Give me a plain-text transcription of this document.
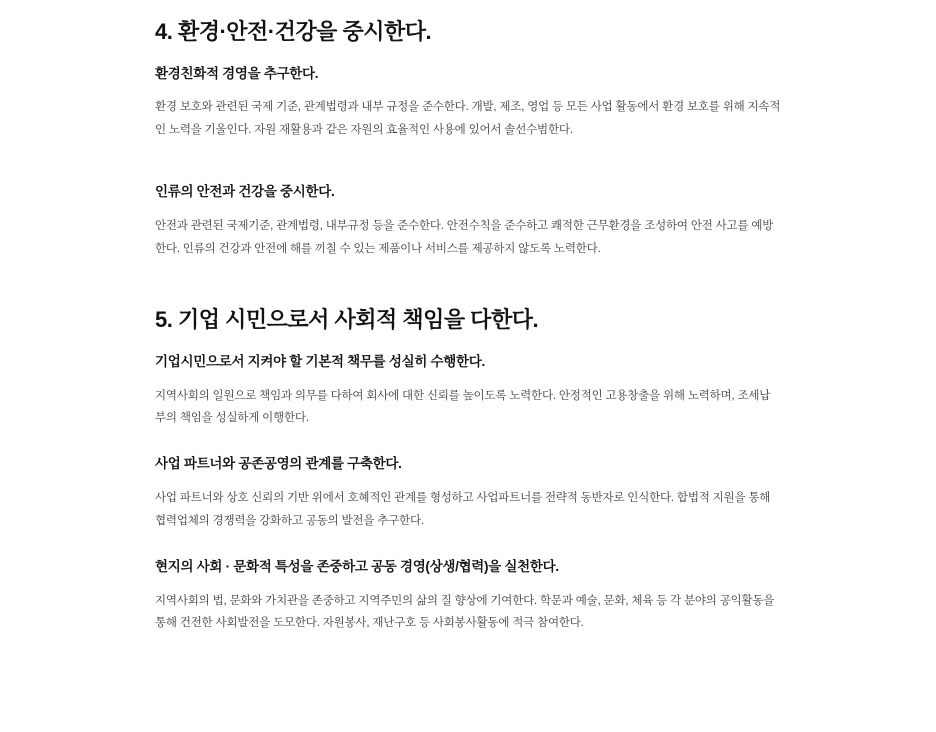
4. 환경·안전·건강을 중시한다.
환경친화적 경영을 추구한다.

환경 보호와 관련된 국제 기준, 관계법령과 내부 규정을 준수한다. 개발, 제조, 영업 등 모든 사업 활동에서 환경 보호를 위해 지속적인 노력을 기울인다. 자원 재활용과 같은 자원의 효율적인 사용에 있어서 솔선수범한다.

인류의 안전과 건강을 중시한다.

안전과 관련된 국제기준, 관계법령, 내부규정 등을 준수한다. 안전수칙을 준수하고 쾌적한 근무환경을 조성하여 안전 사고를 예방한다. 인류의 건강과 안전에 해를 끼칠 수 있는 제품이나 서비스를 제공하지 않도록 노력한다.

5. 기업 시민으로서 사회적 책임을 다한다.
기업시민으로서 지켜야 할 기본적 책무를 성실히 수행한다.

지역사회의 일원으로 책임과 의무를 다하여 회사에 대한 신뢰를 높이도록 노력한다. 안정적인 고용창출을 위해 노력하며, 조세납부의 책임을 성실하게 이행한다.

사업 파트너와 공존공영의 관계를 구축한다.

사업 파트너와 상호 신뢰의 기반 위에서 호혜적인 관계를 형성하고 사업파트너를 전략적 동반자로 인식한다. 합법적 지원을 통해 협력업체의 경쟁력을 강화하고 공동의 발전을 추구한다.

현지의 사회 · 문화적 특성을 존중하고 공동 경영(상생/협력)을 실천한다.

지역사회의 법, 문화와 가치관을 존중하고 지역주민의 삶의 질 향상에 기여한다. 학문과 예술, 문화, 체육 등 각 분야의 공익활동을 통해 건전한 사회발전을 도모한다. 자원봉사, 재난구호 등 사회봉사활동에 적극 참여한다.
